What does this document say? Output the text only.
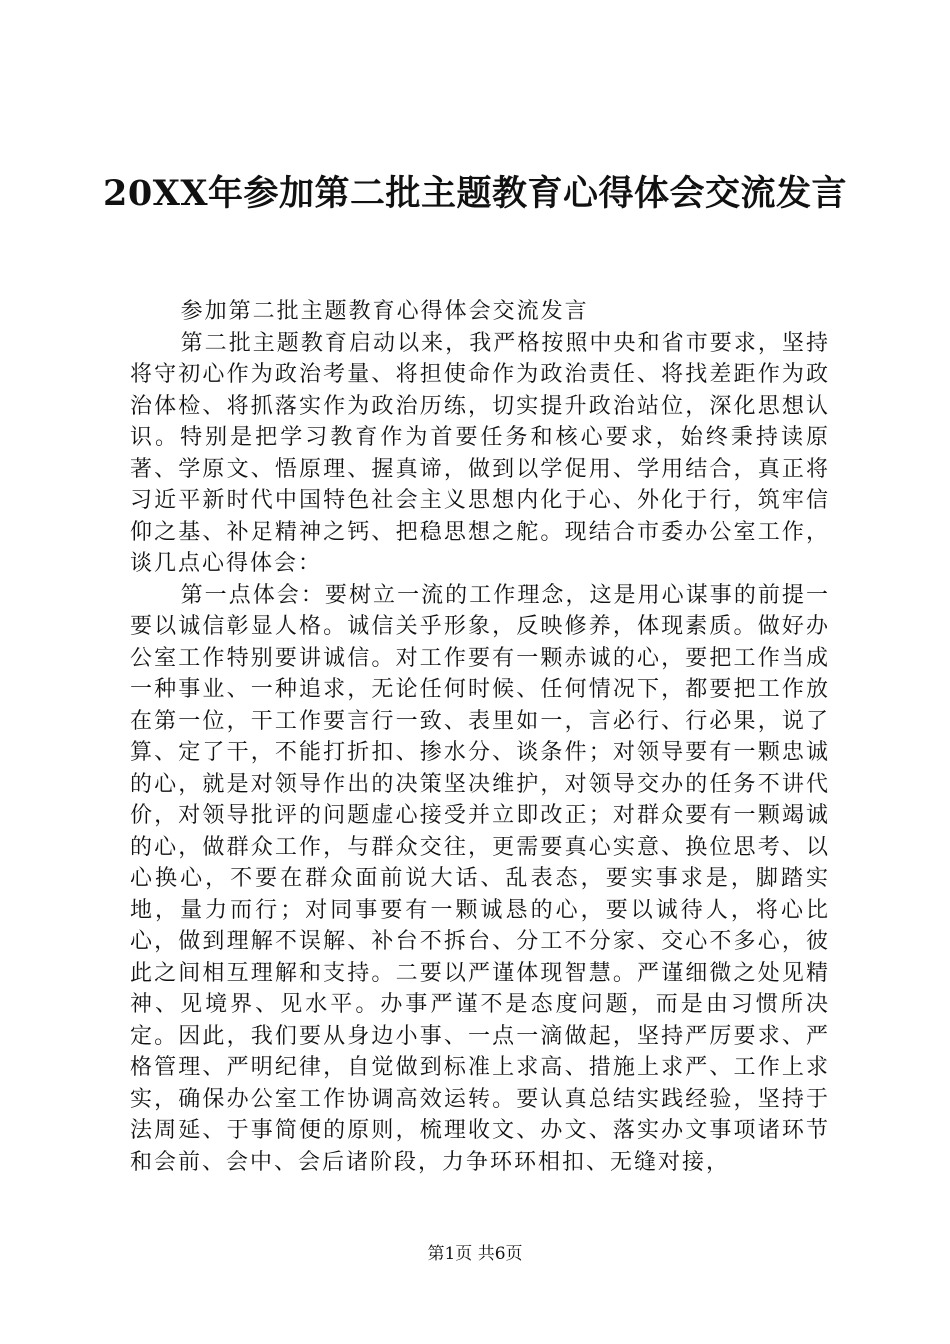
20XX年参加第二批主题教育心得体会交流发言

参加第二批主题教育心得体会交流发言

第二批主题教育启动以来，我严格按照中央和省市要求，坚持将守初心作为政治考量、将担使命作为政治责任、将找差距作为政治体检、将抓落实作为政治历练，切实提升政治站位，深化思想认识。特别是把学习教育作为首要任务和核心要求，始终秉持读原著、学原文、悟原理、握真谛，做到以学促用、学用结合，真正将习近平新时代中国特色社会主义思想内化于心、外化于行，筑牢信仰之基、补足精神之钙、把稳思想之舵。现结合市委办公室工作，谈几点心得体会：

第一点体会：要树立一流的工作理念，这是用心谋事的前提一要以诚信彰显人格。诚信关乎形象，反映修养，体现素质。做好办公室工作特别要讲诚信。对工作要有一颗赤诚的心，要把工作当成一种事业、一种追求，无论任何时候、任何情况下，都要把工作放在第一位，干工作要言行一致、表里如一，言必行、行必果，说了算、定了干，不能打折扣、掺水分、谈条件；对领导要有一颗忠诚的心，就是对领导作出的决策坚决维护，对领导交办的任务不讲代价，对领导批评的问题虚心接受并立即改正；对群众要有一颗竭诚的心，做群众工作，与群众交往，更需要真心实意、换位思考、以心换心，不要在群众面前说大话、乱表态，要实事求是，脚踏实地，量力而行；对同事要有一颗诚恳的心，要以诚待人，将心比心，做到理解不误解、补台不拆台、分工不分家、交心不多心，彼此之间相互理解和支持。二要以严谨体现智慧。严谨细微之处见精神、见境界、见水平。办事严谨不是态度问题，而是由习惯所决定。因此，我们要从身边小事、一点一滴做起，坚持严厉要求、严格管理、严明纪律，自觉做到标准上求高、措施上求严、工作上求实，确保办公室工作协调高效运转。要认真总结实践经验，坚持于法周延、于事简便的原则，梳理收文、办文、落实办文事项诸环节和会前、会中、会后诸阶段，力争环环相扣、无缝对接，

第1页 共6页
